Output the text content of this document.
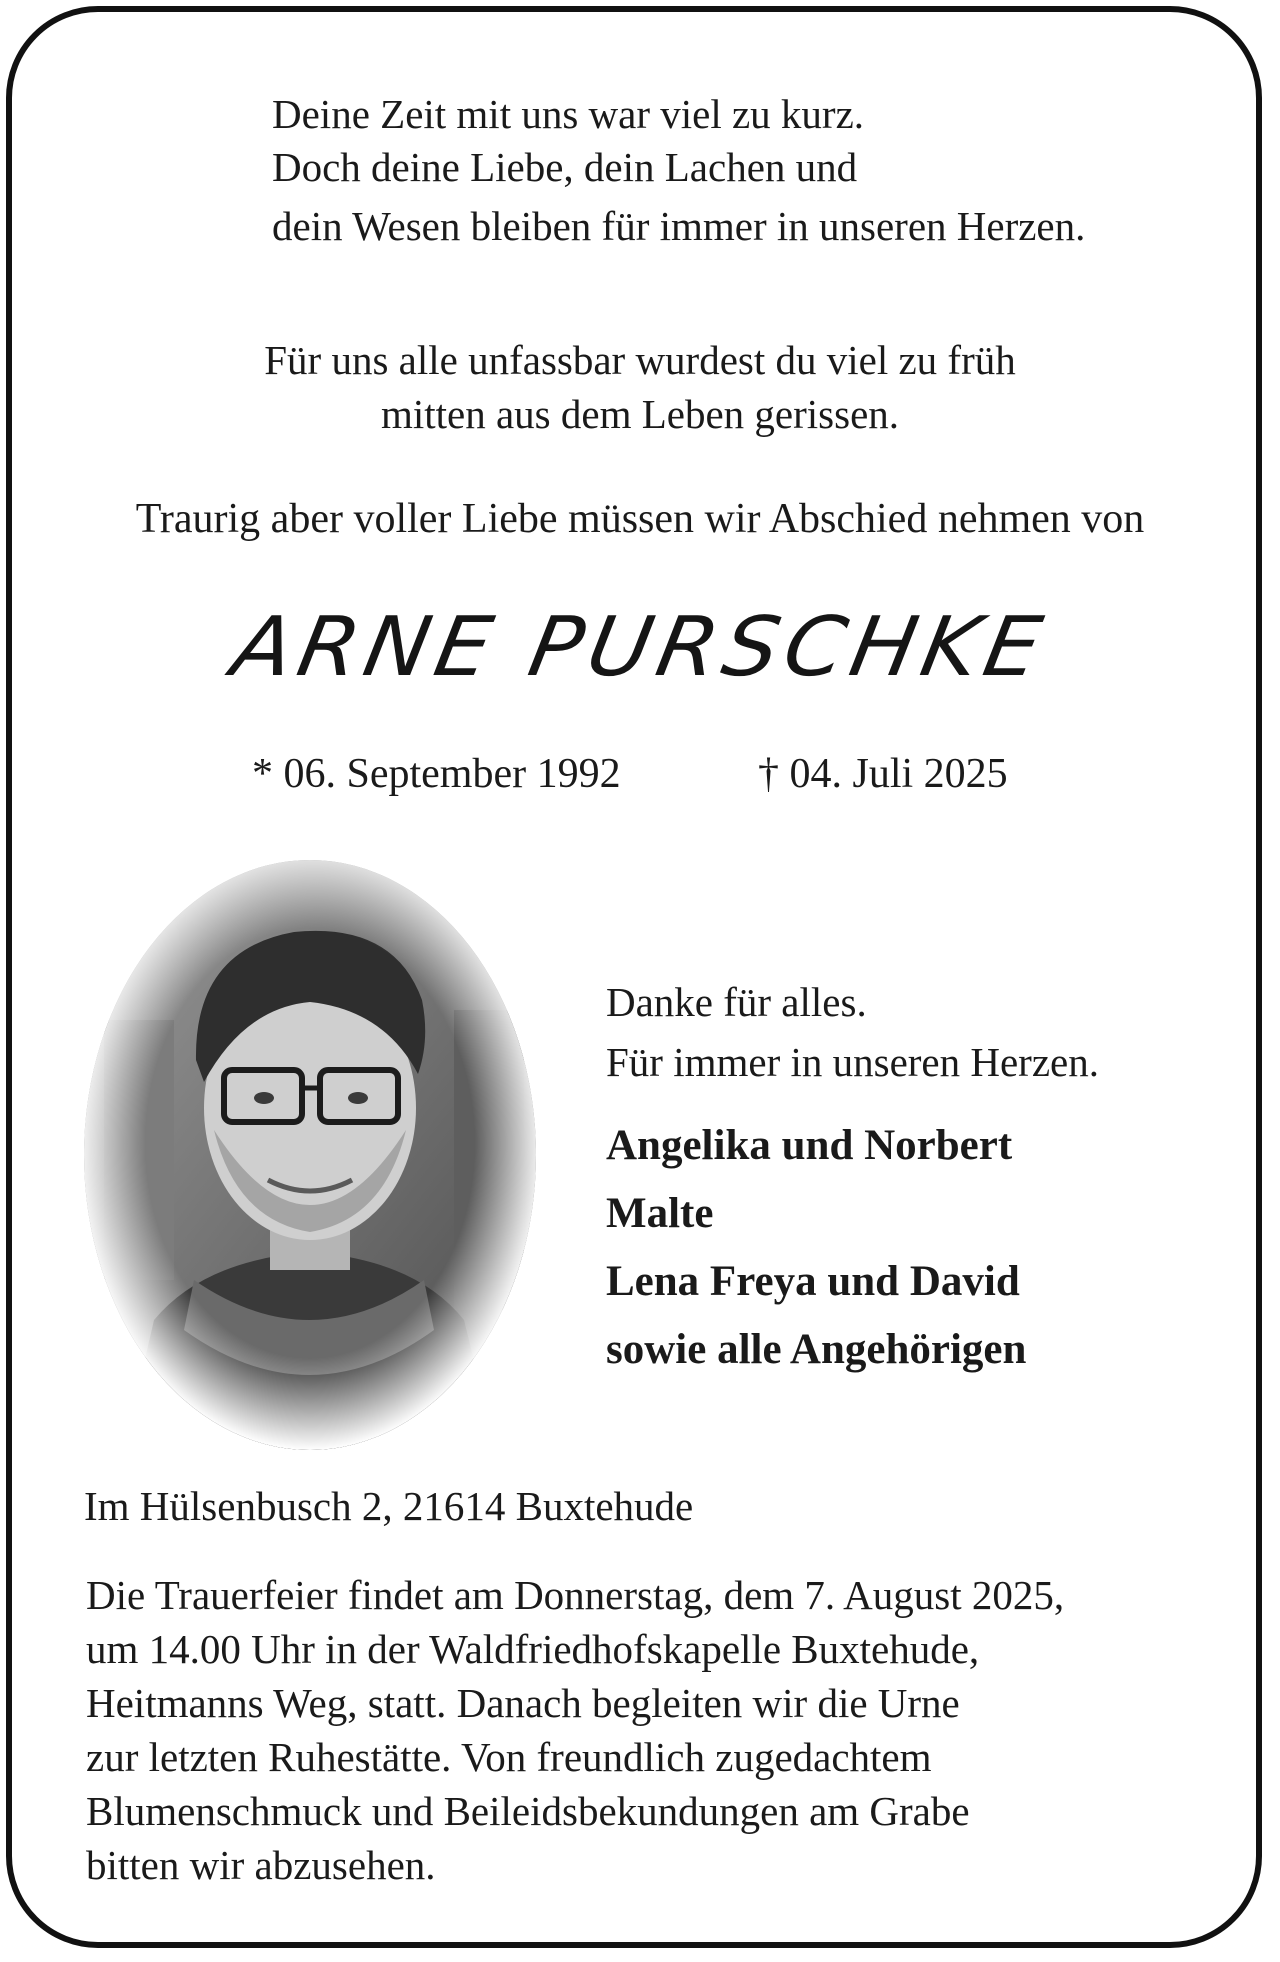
Deine Zeit mit uns war viel zu kurz.

Doch deine Liebe, dein Lachen und

dein Wesen bleiben für immer in unseren Herzen.

Für uns alle unfassbar wurdest du viel zu früh

mitten aus dem Leben gerissen.

Traurig aber voller Liebe müssen wir Abschied nehmen von

ARNE PURSCHKE
* 06. September 1992	† 04. Juli 2025

Danke für alles.

Für immer in unseren Herzen.

Angelika und Norbert

Malte

Lena Freya und David

sowie alle Angehörigen

Im Hülsenbusch 2, 21614 Buxtehude

Die Trauerfeier findet am Donnerstag, dem 7. August 2025,

um 14.00 Uhr in der Waldfriedhofskapelle Buxtehude,

Heitmanns Weg, statt. Danach begleiten wir die Urne

zur letzten Ruhestätte. Von freundlich zugedachtem

Blumenschmuck und Beileidsbekundungen am Grabe

bitten wir abzusehen.
